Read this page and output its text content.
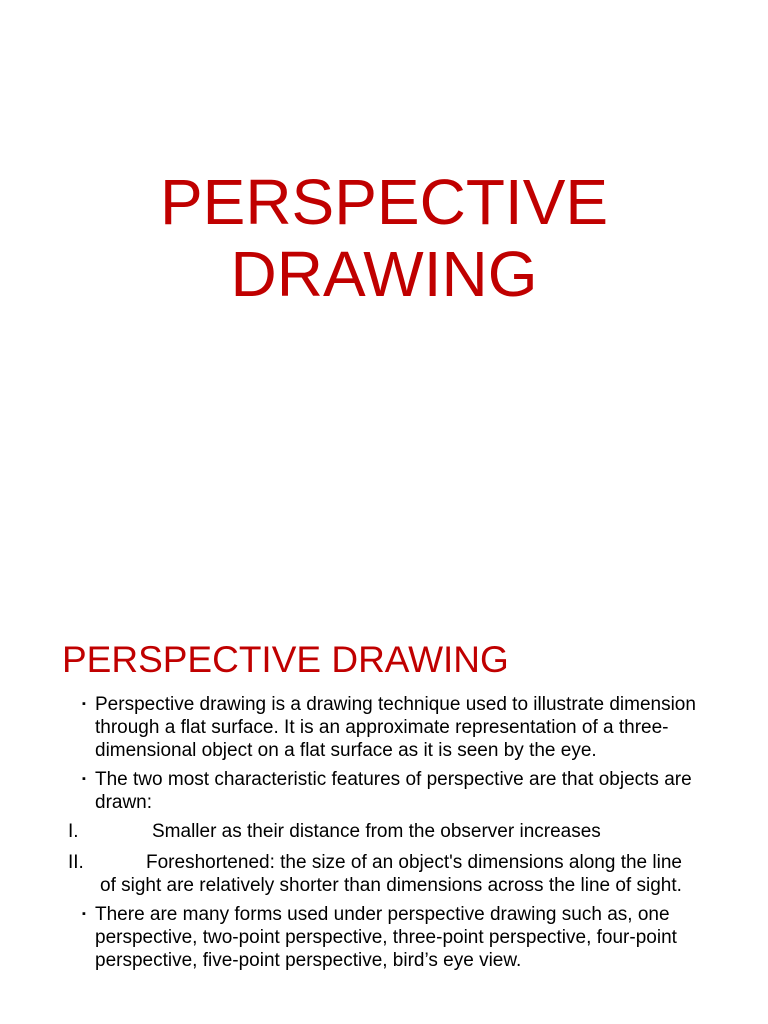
PERSPECTIVE
DRAWING
PERSPECTIVE DRAWING
▪ Perspective drawing is a drawing technique used to illustrate dimension through a flat surface. It is an approximate representation of a three-dimensional object on a flat surface as it is seen by the eye.
▪ The two most characteristic features of perspective are that objects are drawn:
I.	Smaller as their distance from the observer increases
II.	Foreshortened: the size of an object's dimensions along the line of sight are relatively shorter than dimensions across the line of sight.
▪ There are many forms used under perspective drawing such as, one perspective, two-point perspective, three-point perspective, four-point perspective, five-point perspective, bird’s eye view.
